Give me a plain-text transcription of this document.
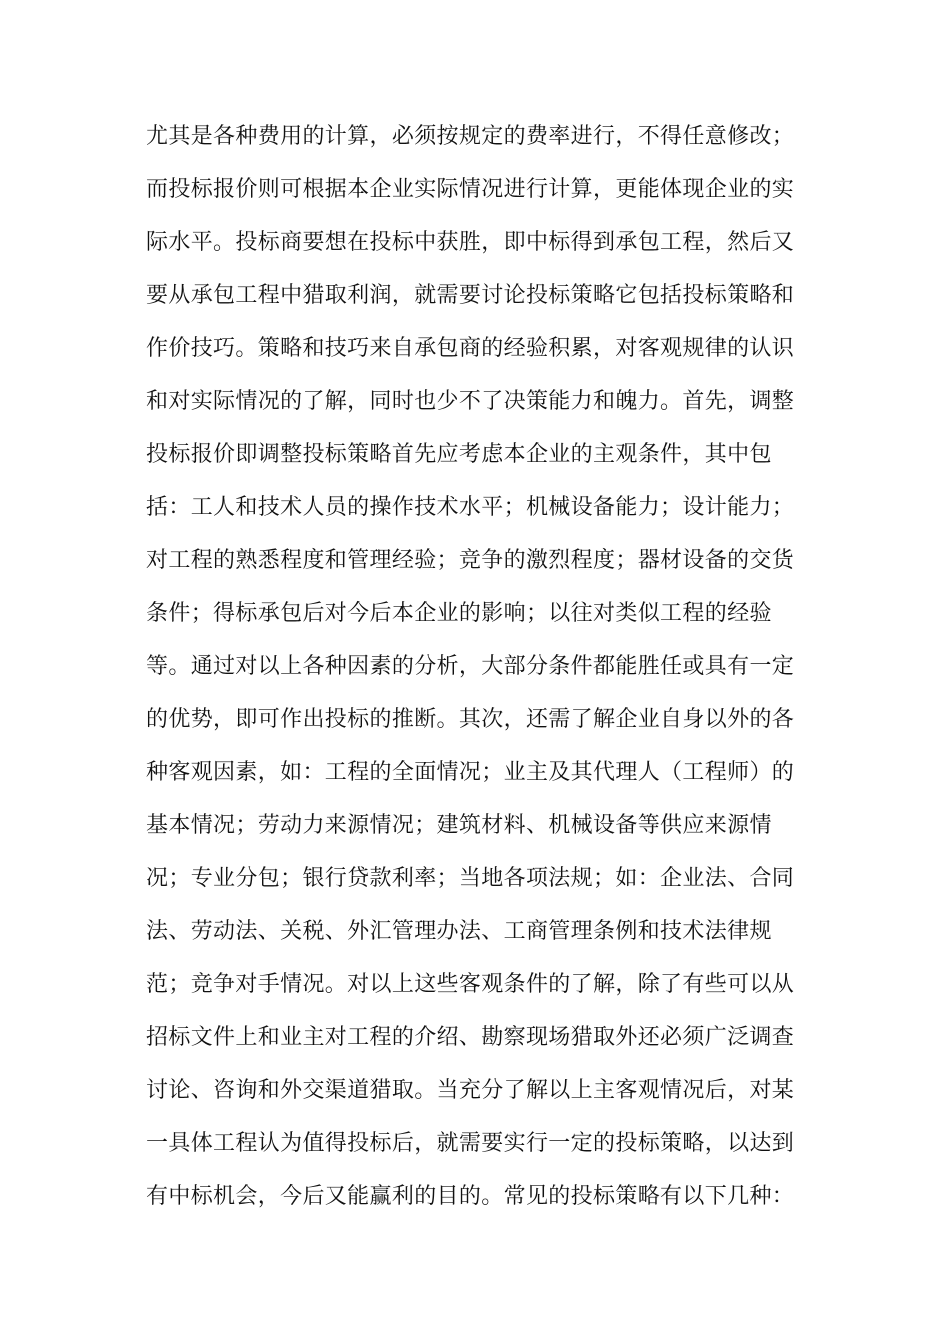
尤其是各种费用的计算，必须按规定的费率进行，不得任意修改；
而投标报价则可根据本企业实际情况进行计算，更能体现企业的实
际水平。投标商要想在投标中获胜，即中标得到承包工程，然后又
要从承包工程中猎取利润，就需要讨论投标策略它包括投标策略和
作价技巧。策略和技巧来自承包商的经验积累，对客观规律的认识
和对实际情况的了解，同时也少不了决策能力和魄力。首先，调整
投标报价即调整投标策略首先应考虑本企业的主观条件，其中包
括：工人和技术人员的操作技术水平；机械设备能力；设计能力；
对工程的熟悉程度和管理经验；竞争的激烈程度；器材设备的交货
条件；得标承包后对今后本企业的影响；以往对类似工程的经验
等。通过对以上各种因素的分析，大部分条件都能胜任或具有一定
的优势，即可作出投标的推断。其次，还需了解企业自身以外的各
种客观因素，如：工程的全面情况；业主及其代理人（工程师）的
基本情况；劳动力来源情况；建筑材料、机械设备等供应来源情
况；专业分包；银行贷款利率；当地各项法规；如：企业法、合同
法、劳动法、关税、外汇管理办法、工商管理条例和技术法律规
范；竞争对手情况。对以上这些客观条件的了解，除了有些可以从
招标文件上和业主对工程的介绍、勘察现场猎取外还必须广泛调查
讨论、咨询和外交渠道猎取。当充分了解以上主客观情况后，对某
一具体工程认为值得投标后，就需要实行一定的投标策略，以达到
有中标机会，今后又能赢利的目的。常见的投标策略有以下几种：
